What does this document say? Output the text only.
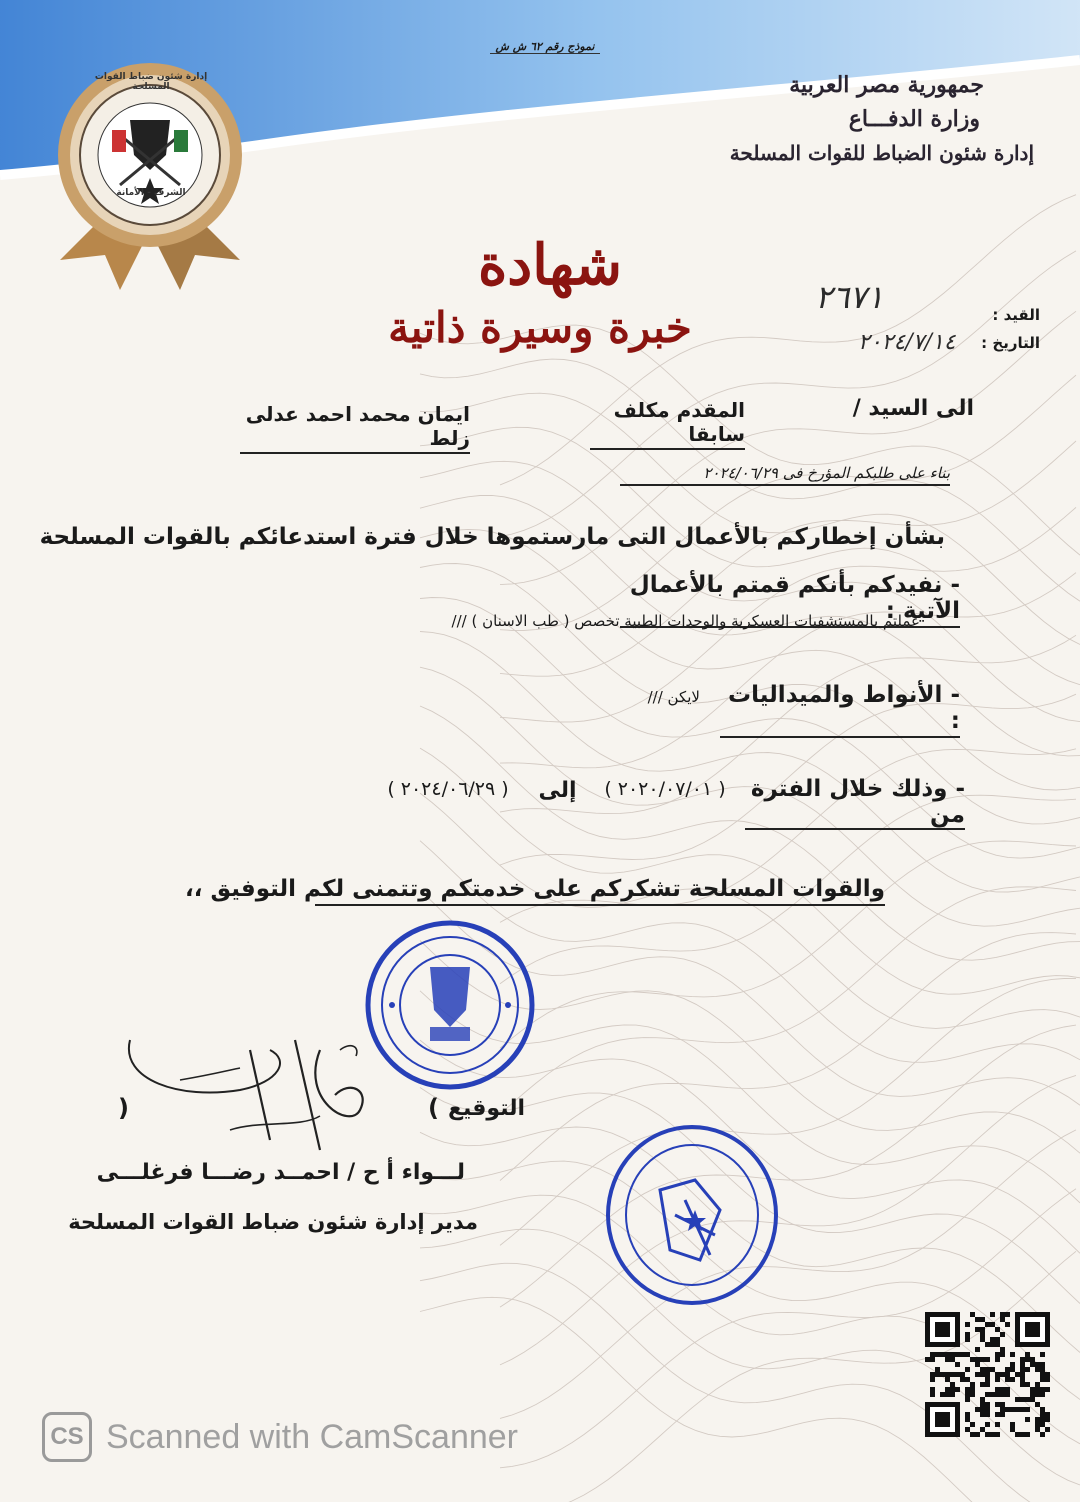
نموذج رقم ٦٢ ش ش
إدارة شئون ضباط القوات المسلحة
الشرف - الأمانة
جمهورية مصر العربية
وزارة الدفـــاع
إدارة شئون الضباط للقوات المسلحة
شهادة
خبرة وسيرة ذاتية	القيد :
٢٦٧١
التاريخ :
٢٠٢٤/٧/١٤
الى السيد /
المقدم مكلف سابقا
ايمان محمد احمد عدلى زلط
بناء على طلبكم المؤرخ فى ٢٠٢٤/٠٦/٢٩
بشأن إخطاركم بالأعمال التى مارستموها خلال فترة استدعائكم بالقوات المسلحة
- نفيدكم بأنكم قمتم بالأعمال الآتية :
عملتم بالمستشفيات العسكرية والوحدات الطبية تخصص ( طب الاسنان ) ///
- الأنواط والميداليات :
لايكن ///
- وذلك خلال الفترة من
( ٢٠٢٠/٠٧/٠١ )
إلى
( ٢٠٢٤/٠٦/٢٩ )
والقوات المسلحة تشكركم على خدمتكم وتتمنى لكم التوفيق ،،
التوقيع
(
)
لـــواء أ ح / احمــد رضـــا فرغلـــى
مدير إدارة شئون ضباط القوات المسلحة
CS Scanned with CamScanner
